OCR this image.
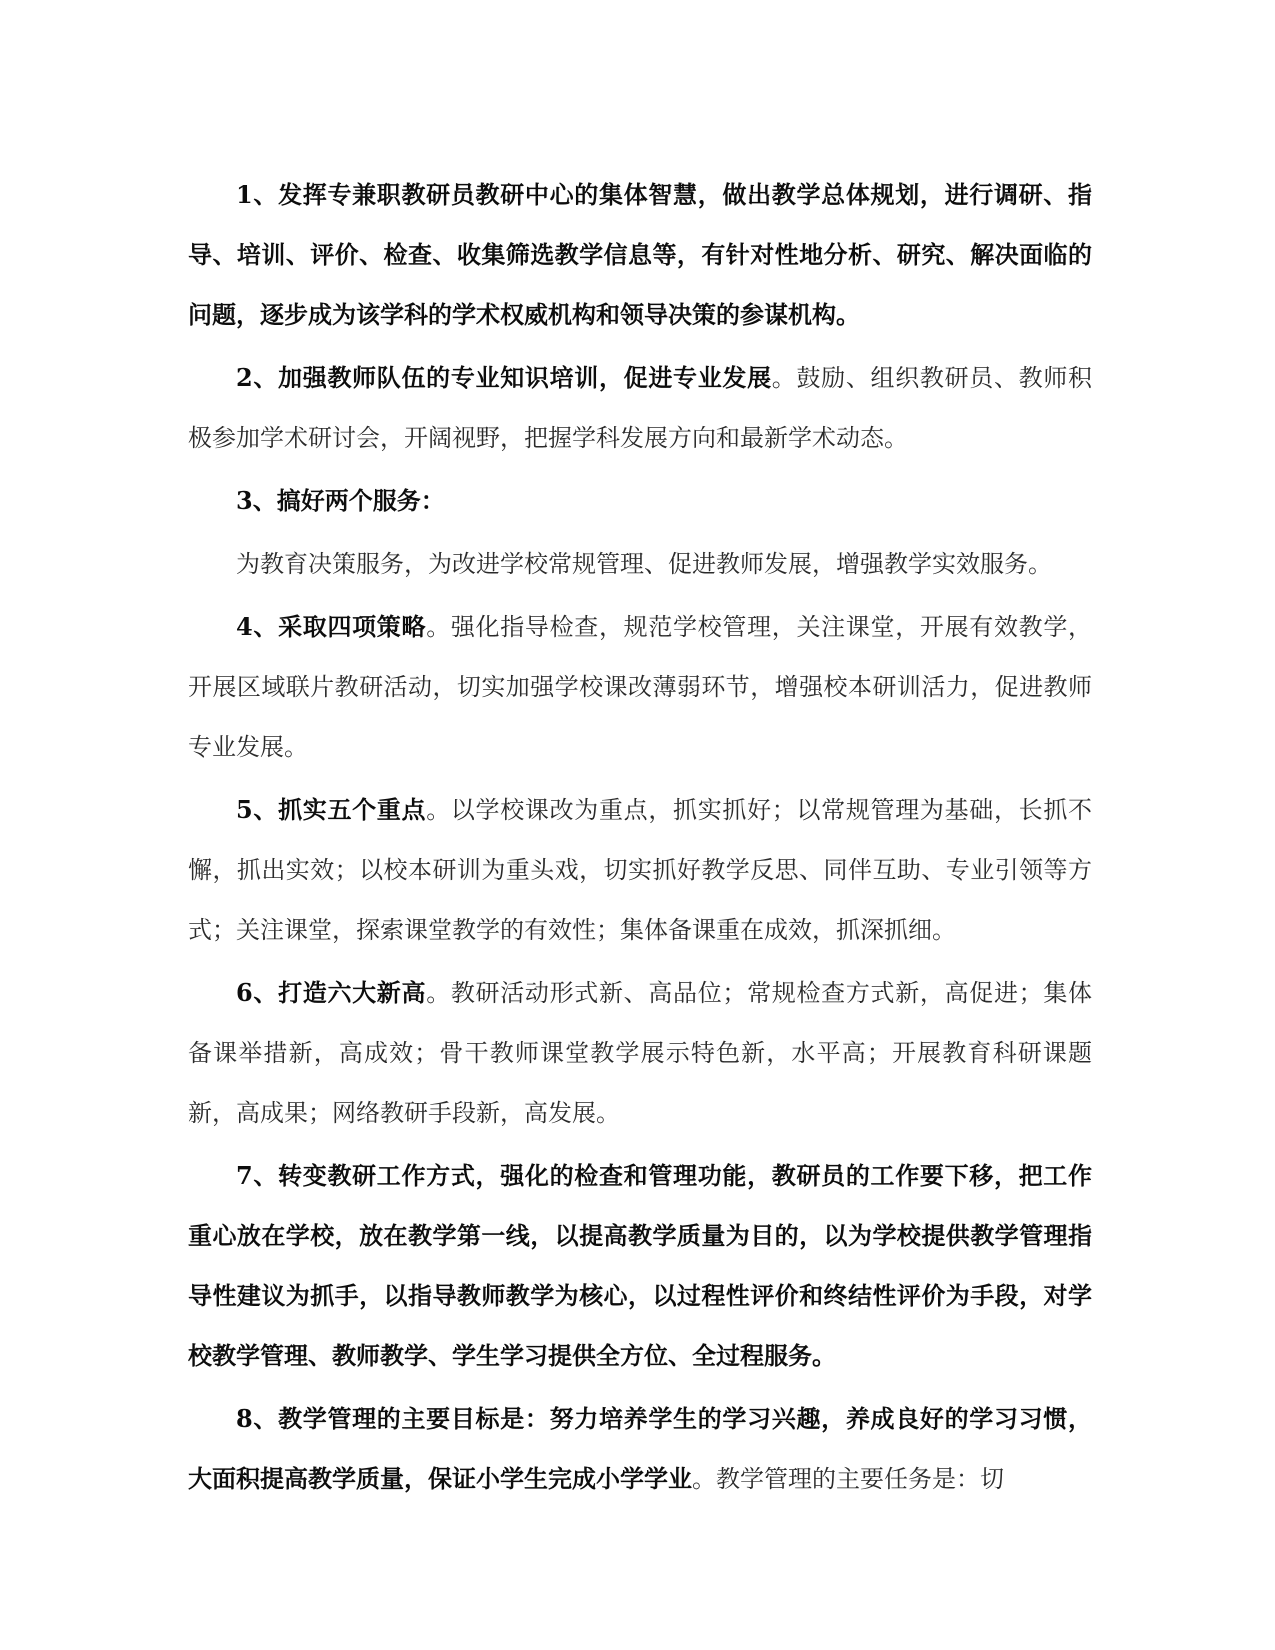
1、发挥专兼职教研员教研中心的集体智慧，做出教学总体规划，进行调研、指导、培训、评价、检查、收集筛选教学信息等，有针对性地分析、研究、解决面临的问题，逐步成为该学科的学术权威机构和领导决策的参谋机构。

2、加强教师队伍的专业知识培训，促进专业发展。鼓励、组织教研员、教师积极参加学术研讨会，开阔视野，把握学科发展方向和最新学术动态。

3、搞好两个服务：

为教育决策服务，为改进学校常规管理、促进教师发展，增强教学实效服务。

4、采取四项策略。强化指导检查，规范学校管理，关注课堂，开展有效教学，开展区域联片教研活动，切实加强学校课改薄弱环节，增强校本研训活力，促进教师专业发展。

5、抓实五个重点。以学校课改为重点，抓实抓好；以常规管理为基础，长抓不懈，抓出实效；以校本研训为重头戏，切实抓好教学反思、同伴互助、专业引领等方式；关注课堂，探索课堂教学的有效性；集体备课重在成效，抓深抓细。

6、打造六大新高。教研活动形式新、高品位；常规检查方式新，高促进；集体备课举措新，高成效；骨干教师课堂教学展示特色新，水平高；开展教育科研课题新，高成果；网络教研手段新，高发展。

7、转变教研工作方式，强化的检查和管理功能，教研员的工作要下移，把工作重心放在学校，放在教学第一线，以提高教学质量为目的，以为学校提供教学管理指导性建议为抓手，以指导教师教学为核心，以过程性评价和终结性评价为手段，对学校教学管理、教师教学、学生学习提供全方位、全过程服务。

8、教学管理的主要目标是：努力培养学生的学习兴趣，养成良好的学习习惯，大面积提高教学质量，保证小学生完成小学学业。教学管理的主要任务是：切
